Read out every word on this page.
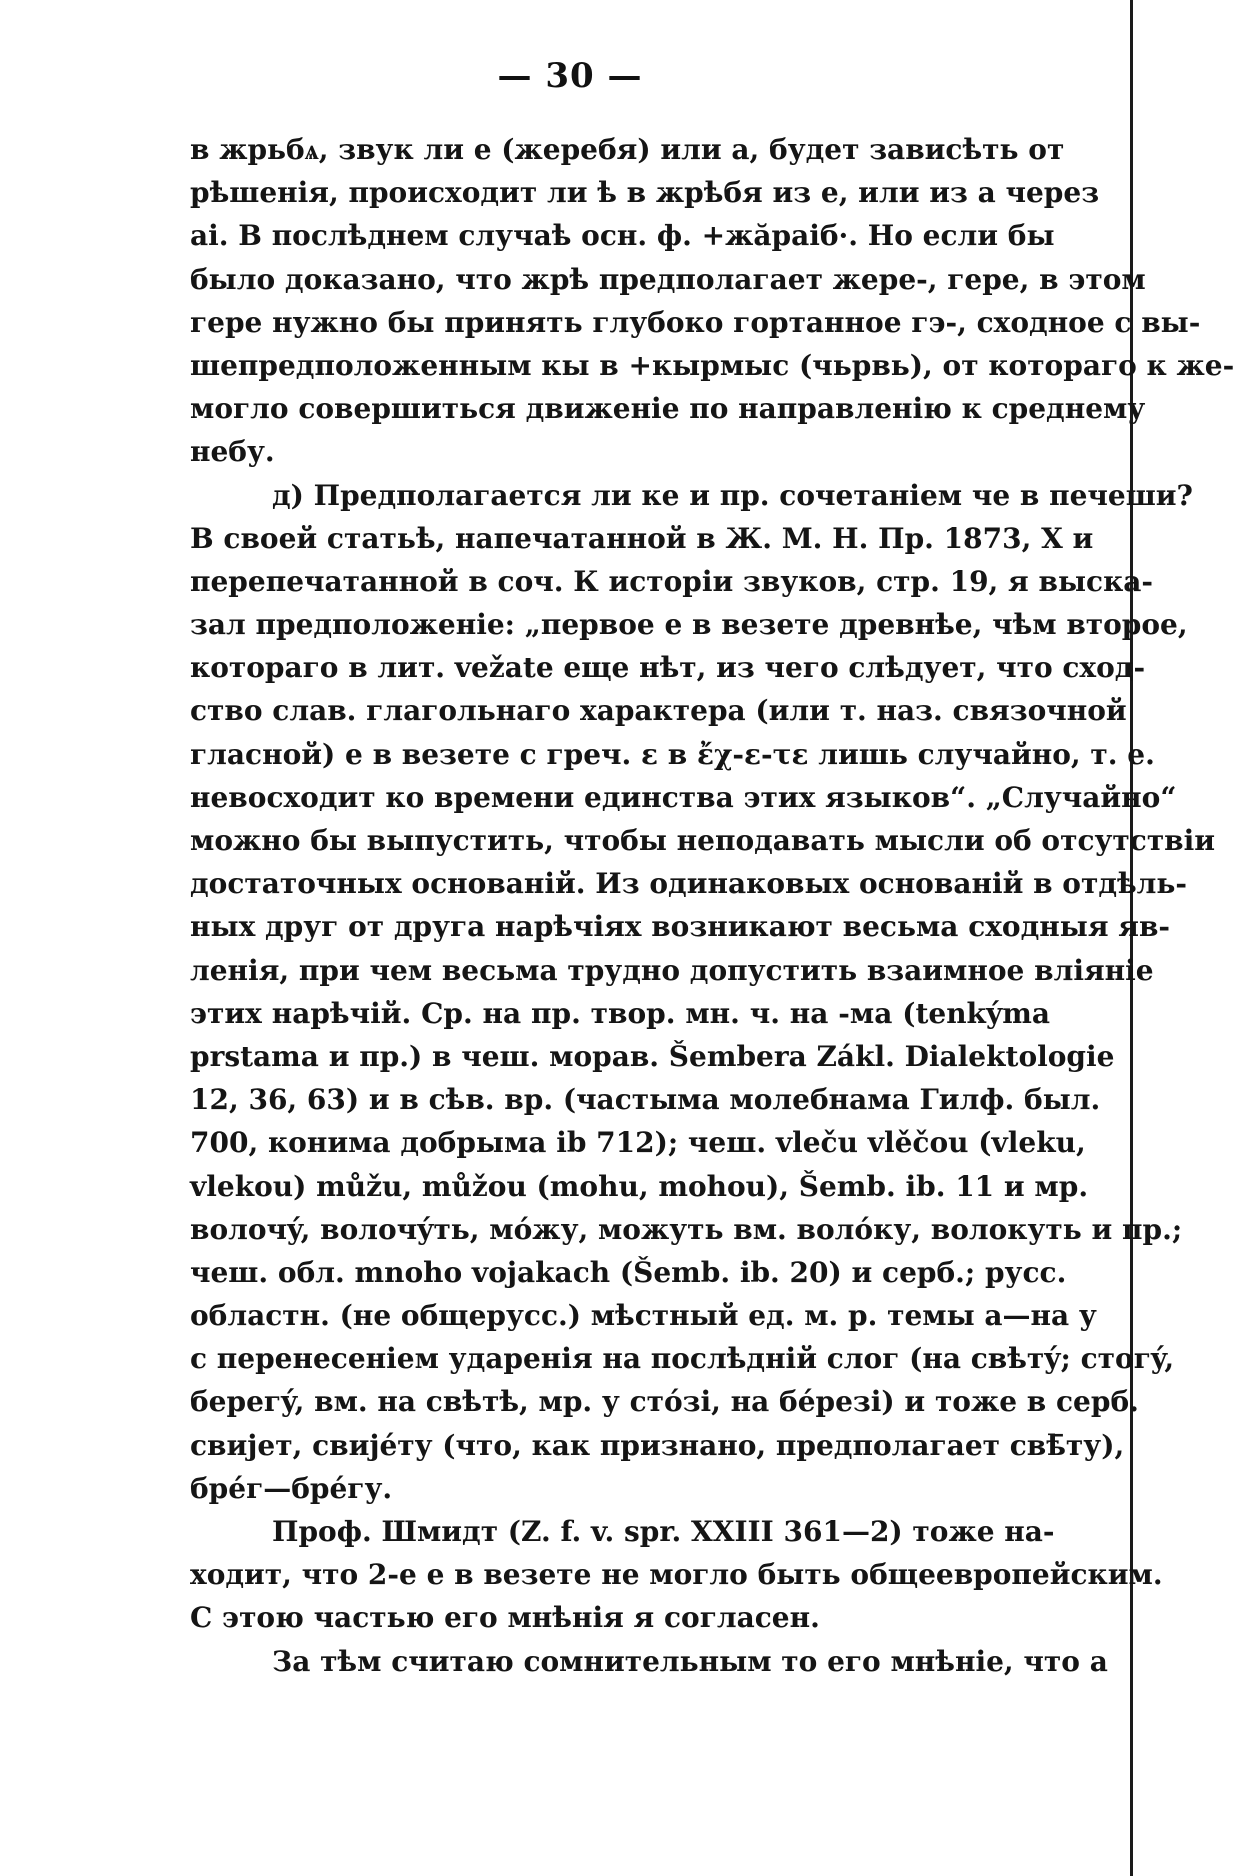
— 30 —
в жрьбѧ, звук ли е (жеребя) или а, будет зависѣть от
рѣшенія, происходит ли ѣ в жрѣбя из е, или из а через
ai. В послѣднем случаѣ осн. ф. +жăраiб·. Но если бы
было доказано, что жрѣ предполагает жере-, гере, в этом
гере нужно бы принять глубоко гортанное гэ-, сходное с вы-
шепредположенным кы в +кырмыс (чьрвь), от котораго к же-
могло совершиться движеніе по направленію к среднему
небу.
д) Предполагается ли ке и пр. сочетаніем че в печеши?
В своей статьѣ, напечатанной в Ж. М. Н. Пр. 1873, X и
перепечатанной в соч. К исторіи звуков, стр. 19, я выска-
зал предположеніе: „первое е в везете древнѣе, чѣм второе,
котораго в лит. vežate еще нѣт, из чего слѣдует, что сход-
ство слав. глагольнаго характера (или т. наз. связочной
гласной) е в везете с греч. ε в ἔχ-ε-τε лишь случайно, т. е.
невосходит ко времени единства этих языков“. „Случайно“
можно бы выпустить, чтобы неподавать мысли об отсутствіи
достаточных основаній. Из одинаковых основаній в отдѣль-
ных друг от друга нарѣчіях возникают весьма сходныя яв-
ленія, при чем весьма трудно допустить взаимное вліяніе
этих нарѣчій. Ср. на пр. твор. мн. ч. на -ма (tenkýma
prstama и пр.) в чеш. морав. Šembera Zákl. Dialektologie
12, 36, 63) и в сѣв. вр. (частыма молебнама Гилф. был.
700, конима добрыма ib 712); чеш. vleču vlěčou (vleku,
vlekou) můžu, můžou (mohu, mohou), Šemb. ib. 11 и мр.
волочý, волочýть, мóжу, можуть вм. волóку, волокуть и пр.;
чеш. обл. mnoho vojakach (Šemb. ib. 20) и серб.; русс.
областн. (не общерусс.) мѣстный ед. м. р. темы а—на у
с перенесеніем ударенія на послѣдній слог (на свѣтý; стогý,
берегý, вм. на свѣтѣ, мр. у стóзі, на бéрезі) и тоже в серб.
свиjет, свиjéту (что, как признано, предполагает свѣ̄ту),
брéг—брéгу.
Проф. Шмидт (Z. f. v. spr. XXIII 361—2) тоже на-
ходит, что 2-е е в везете не могло быть общеевропейским.
С этою частью его мнѣнія я согласен.
За тѣм считаю сомнительным то его мнѣніе, что а
